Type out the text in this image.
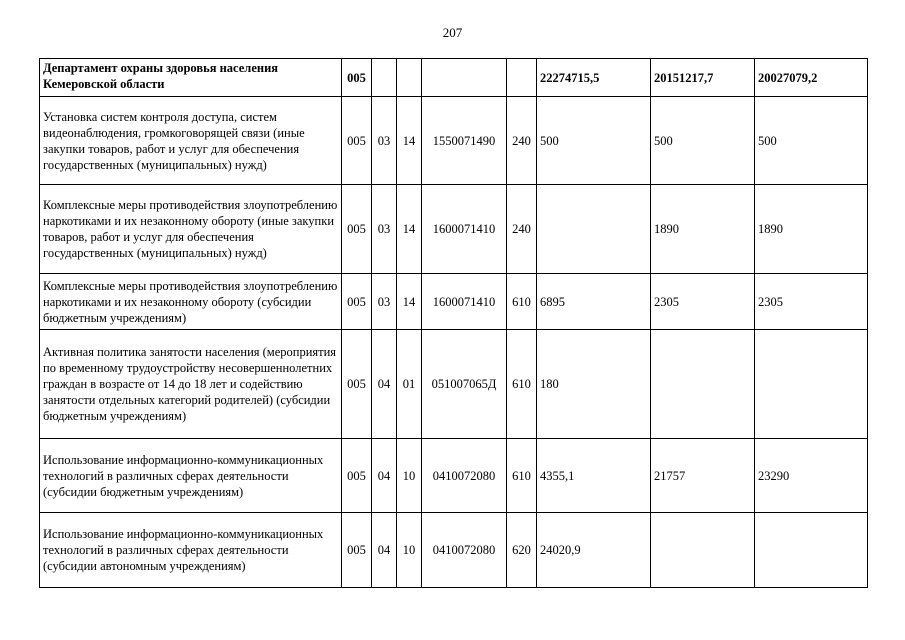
207
Департамент охраны здоровья населения Кемеровской области	005					22274715,5	20151217,7	20027079,2
Установка систем контроля доступа, систем видеонаблюдения, громкоговорящей связи (иные закупки товаров, работ и услуг для обеспечения государственных (муниципальных) нужд)	005	03	14	1550071490	240	500	500	500
Комплексные меры противодействия злоупотреблению наркотиками и их незаконному обороту (иные закупки товаров, работ и услуг для обеспечения государственных (муниципальных) нужд)	005	03	14	1600071410	240		1890	1890
Комплексные меры противодействия злоупотреблению наркотиками и их незаконному обороту (субсидии бюджетным учреждениям)	005	03	14	1600071410	610	6895	2305	2305
Активная политика занятости населения (мероприятия по временному трудоустройству несовершеннолетних граждан в возрасте от 14 до 18 лет и содействию занятости отдельных категорий родителей) (субсидии бюджетным учреждениям)	005	04	01	051007065Д	610	180		
Использование информационно-коммуникационных технологий в различных сферах деятельности (субсидии бюджетным учреждениям)	005	04	10	0410072080	610	4355,1	21757	23290
Использование информационно-коммуникационных технологий в различных сферах деятельности (субсидии автономным учреждениям)	005	04	10	0410072080	620	24020,9		
